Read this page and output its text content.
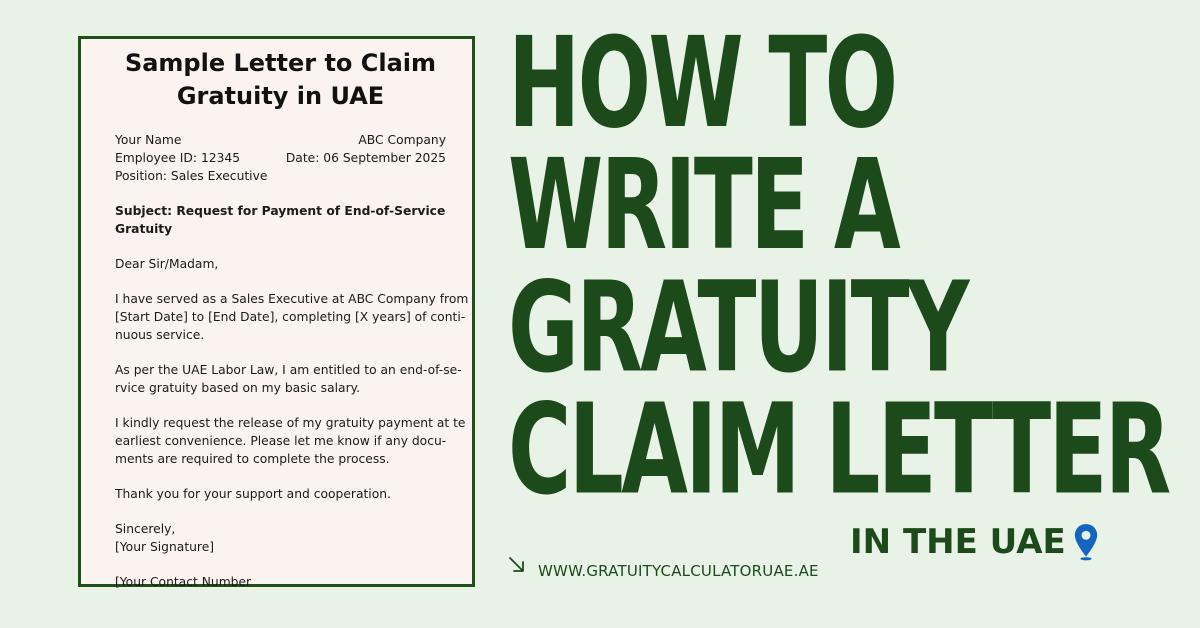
Sample Letter to Claim
Gratuity in UAE
Your Name
Employee ID: 12345
Position: Sales Executive
ABC Company
Date: 06 September 2025

Subject: Request for Payment of End-of-Service Gratuity

Dear Sir/Madam,

I have served as a Sales Executive at ABC Company from
[Start Date] to [End Date], completing [X years] of conti-
nuous service.

As per the UAE Labor Law, I am entitled to an end-of-se-
rvice gratuity based on my basic salary.

I kindly request the release of my gratuity payment at te
earliest convenience. Please let me know if any docu-
ments are required to complete the process.

Thank you for your support and cooperation.

Sincerely,
[Your Signature]

[Your Contact Number

HOW TO
WRITE A
GRATUITY
CLAIM LETTER
IN THE UAE
WWW.GRATUITYCALCULATORUAE.AE
